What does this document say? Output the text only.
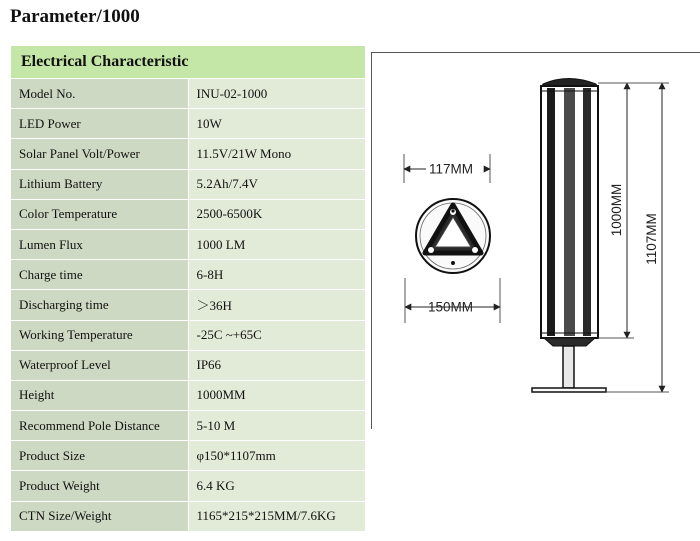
Parameter/1000
Electrical Characteristic	
Model No.	INU-02-1000
LED Power	10W
Solar Panel Volt/Power	11.5V/21W Mono
Lithium Battery	5.2Ah/7.4V
Color Temperature	2500-6500K
Lumen Flux	1000 LM
Charge time	6-8H
Discharging time	＞36H
Working Temperature	-25C ~+65C
Waterproof Level	IP66
Height	1000MM
Recommend Pole Distance	5-10 M
Product Size	φ150*1107mm
Product Weight	6.4 KG
CTN Size/Weight	1165*215*215MM/7.6KG
117MM
150MM
1000MM
1107MM
